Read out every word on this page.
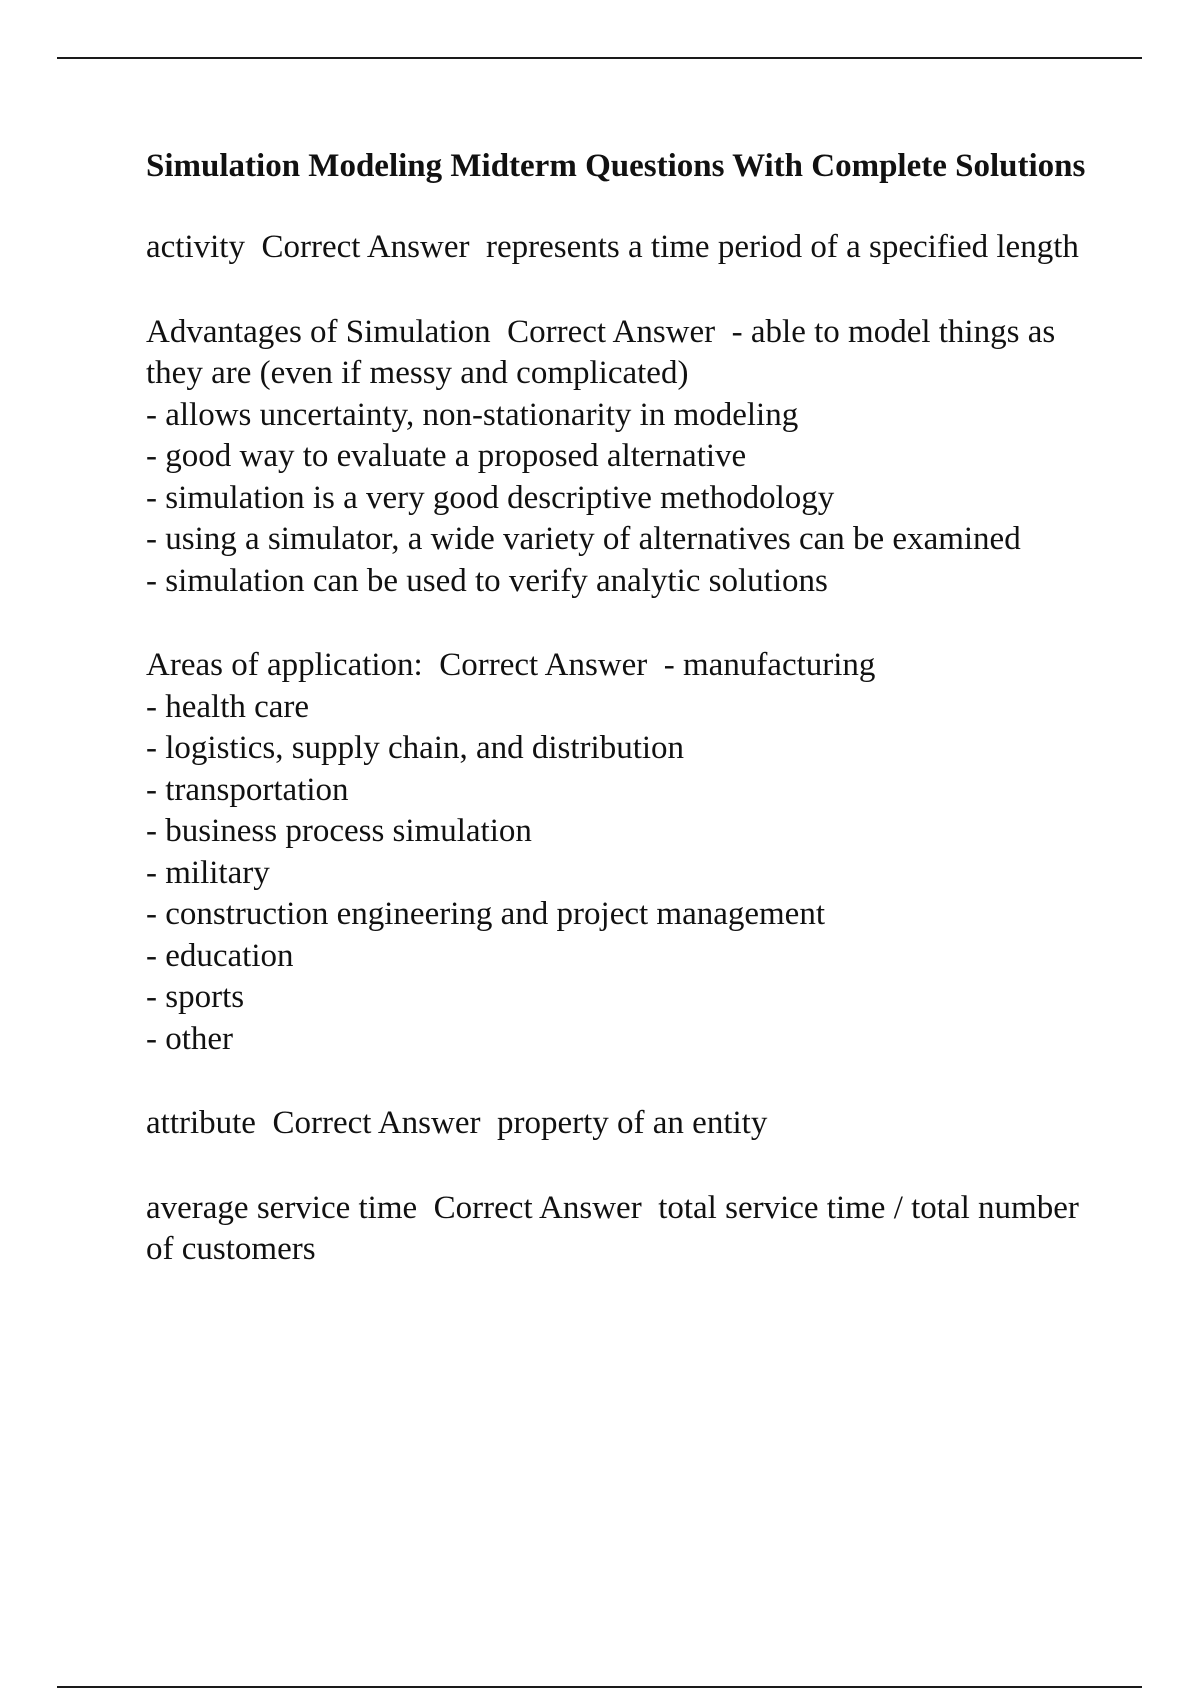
Simulation Modeling Midterm Questions With Complete Solutions
activity Correct Answer represents a time period of a specified length
Advantages of Simulation Correct Answer - able to model things as they are (even if messy and complicated)
- allows uncertainty, non-stationarity in modeling
- good way to evaluate a proposed alternative
- simulation is a very good descriptive methodology
- using a simulator, a wide variety of alternatives can be examined
- simulation can be used to verify analytic solutions
Areas of application: Correct Answer - manufacturing
- health care
- logistics, supply chain, and distribution
- transportation
- business process simulation
- military
- construction engineering and project management
- education
- sports
- other
attribute Correct Answer property of an entity
average service time Correct Answer total service time / total number of customers
